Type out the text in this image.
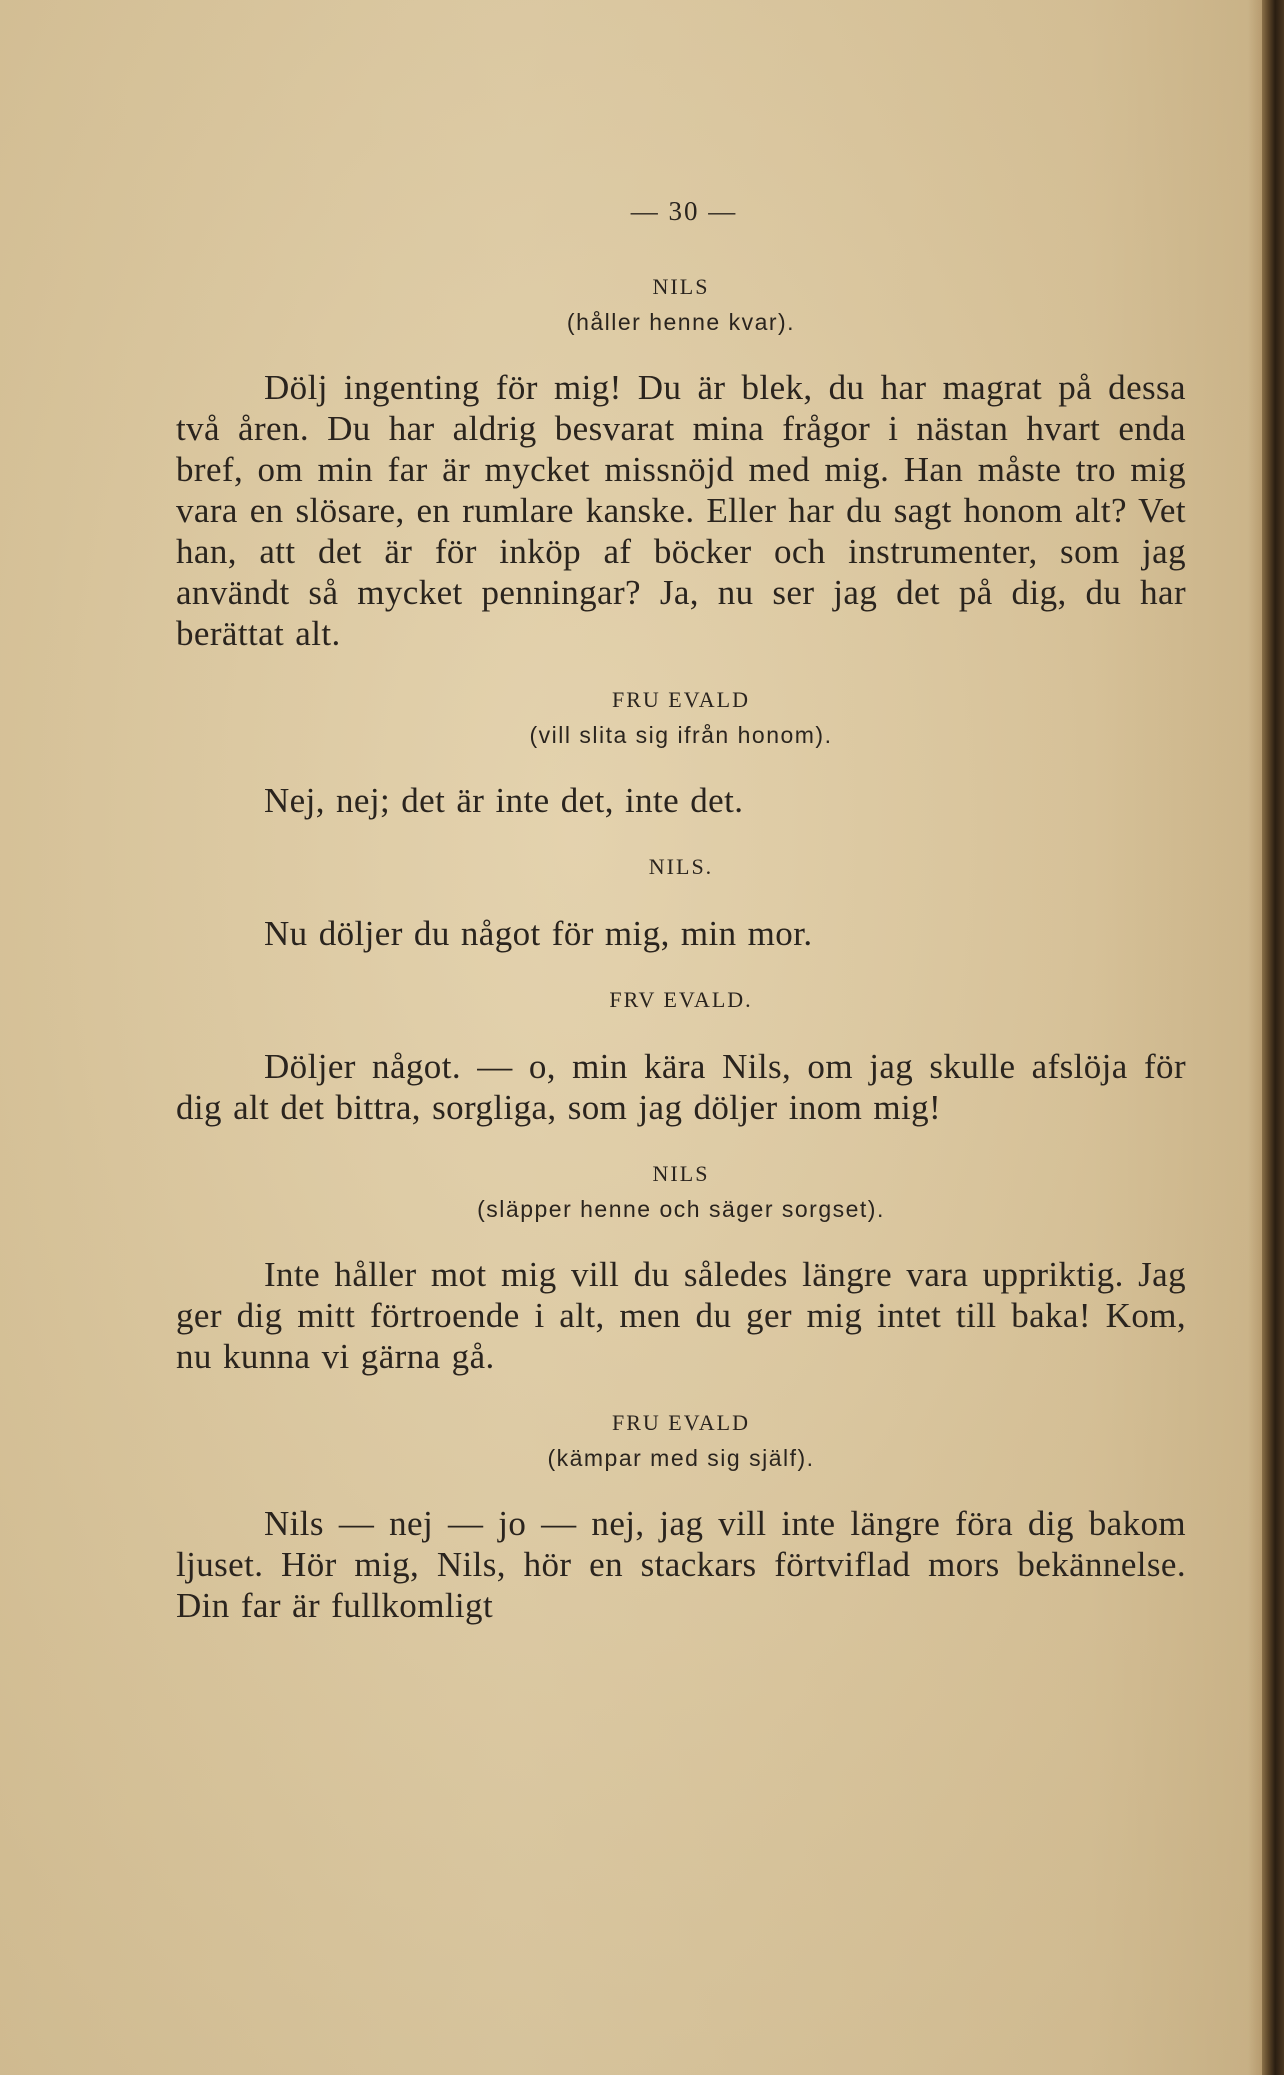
— 30 —
NILS
(håller henne kvar).

Dölj ingenting för mig! Du är blek, du har magrat på dessa två åren. Du har aldrig besvarat mina frågor i nästan hvart enda bref, om min far är mycket missnöjd med mig. Han måste tro mig vara en slösare, en rumlare kanske. Eller har du sagt honom alt? Vet han, att det är för inköp af böcker och instrumenter, som jag användt så mycket penningar? Ja, nu ser jag det på dig, du har berättat alt.

FRU EVALD
(vill slita sig ifrån honom).

Nej, nej; det är inte det, inte det.

NILS.

Nu döljer du något för mig, min mor.

FRV EVALD.

Döljer något. — o, min kära Nils, om jag skulle afslöja för dig alt det bittra, sorgliga, som jag döljer inom mig!

NILS
(släpper henne och säger sorgset).

Inte håller mot mig vill du således längre vara uppriktig. Jag ger dig mitt förtroende i alt, men du ger mig intet till baka! Kom, nu kunna vi gärna gå.

FRU EVALD
(kämpar med sig själf).

Nils — nej — jo — nej, jag vill inte längre föra dig bakom ljuset. Hör mig, Nils, hör en stackars förtviflad mors bekännelse. Din far är fullkomligt
